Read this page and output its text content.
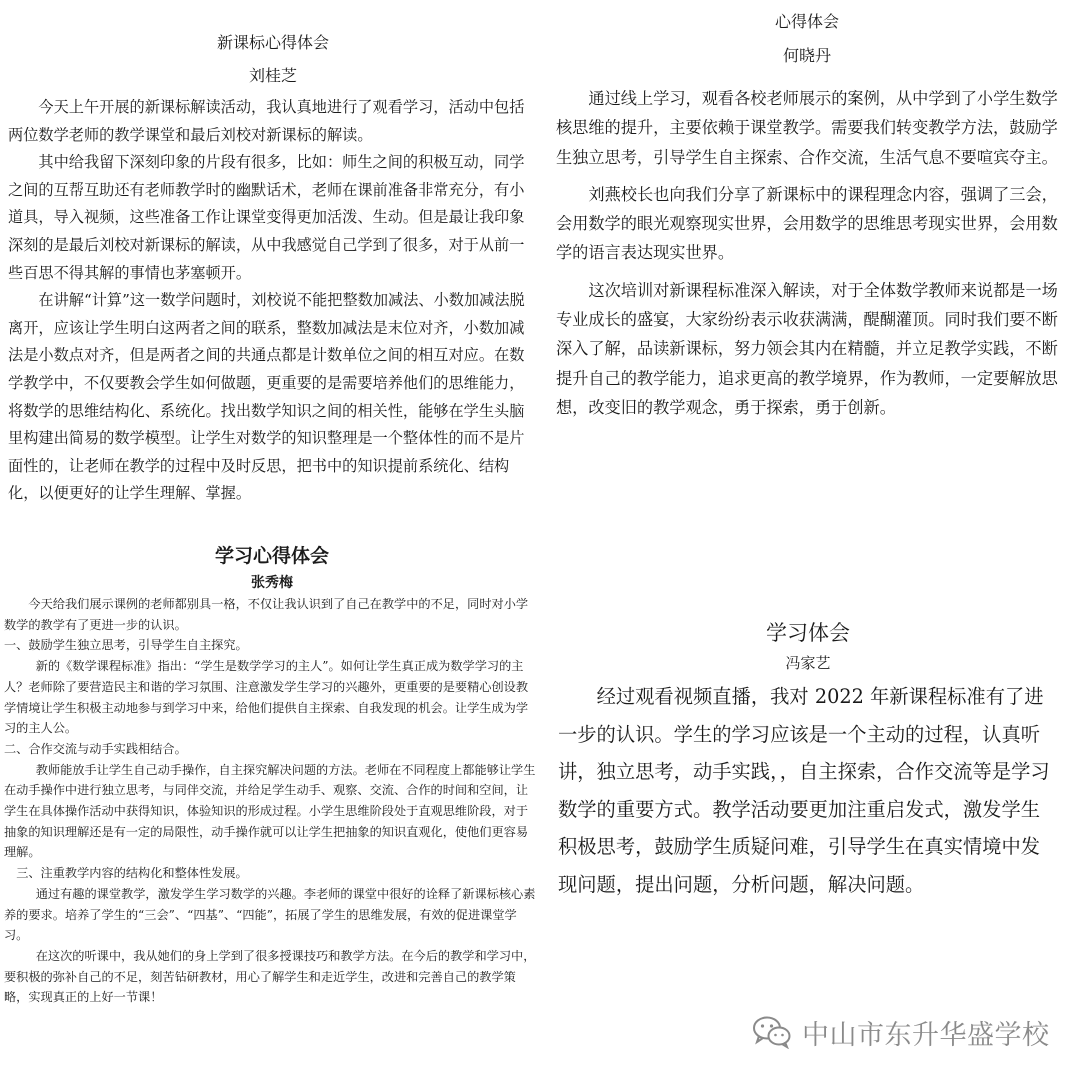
新课标心得体会
刘桂芝

今天上午开展的新课标解读活动，我认真地进行了观看学习，活动中包括两位数学老师的教学课堂和最后刘校对新课标的解读。

其中给我留下深刻印象的片段有很多，比如：师生之间的积极互动，同学之间的互帮互助还有老师教学时的幽默话术，老师在课前准备非常充分，有小道具，导入视频，这些准备工作让课堂变得更加活泼、生动。但是最让我印象深刻的是最后刘校对新课标的解读，从中我感觉自己学到了很多，对于从前一些百思不得其解的事情也茅塞顿开。

在讲解“计算”这一数学问题时，刘校说不能把整数加减法、小数加减法脱离开，应该让学生明白这两者之间的联系，整数加减法是末位对齐，小数加减法是小数点对齐，但是两者之间的共通点都是计数单位之间的相互对应。在数学教学中，不仅要教会学生如何做题，更重要的是需要培养他们的思维能力，将数学的思维结构化、系统化。找出数学知识之间的相关性，能够在学生头脑里构建出简易的数学模型。让学生对数学的知识整理是一个整体性的而不是片面性的，让老师在教学的过程中及时反思，把书中的知识提前系统化、结构化，以便更好的让学生理解、掌握。

心得体会
何晓丹

通过线上学习，观看各校老师展示的案例，从中学到了小学生数学核思维的提升，主要依赖于课堂教学。需要我们转变教学方法，鼓励学生独立思考，引导学生自主探索、合作交流，生活气息不要喧宾夺主。

刘燕校长也向我们分享了新课标中的课程理念内容，强调了三会，会用数学的眼光观察现实世界，会用数学的思维思考现实世界，会用数学的语言表达现实世界。

这次培训对新课程标准深入解读，对于全体数学教师来说都是一场专业成长的盛宴，大家纷纷表示收获满满，醍醐灌顶。同时我们要不断深入了解，品读新课标，努力领会其内在精髓，并立足教学实践，不断提升自己的教学能力，追求更高的教学境界，作为教师，一定要解放思想，改变旧的教学观念，勇于探索，勇于创新。

学习心得体会
张秀梅

今天给我们展示课例的老师都别具一格，不仅让我认识到了自己在教学中的不足，同时对小学数学的教学有了更进一步的认识。

一、鼓励学生独立思考，引导学生自主探究。

新的《数学课程标准》指出：“学生是数学学习的主人”。如何让学生真正成为数学学习的主人？老师除了要营造民主和谐的学习氛围、注意激发学生学习的兴趣外，更重要的是要精心创设教学情境让学生积极主动地参与到学习中来，给他们提供自主探索、自我发现的机会。让学生成为学习的主人公。

二、合作交流与动手实践相结合。

教师能放手让学生自己动手操作，自主探究解决问题的方法。老师在不同程度上都能够让学生在动手操作中进行独立思考，与同伴交流，并给足学生动手、观察、交流、合作的时间和空间，让学生在具体操作活动中获得知识，体验知识的形成过程。小学生思维阶段处于直观思维阶段，对于抽象的知识理解还是有一定的局限性，动手操作就可以让学生把抽象的知识直观化，使他们更容易理解。

三、注重教学内容的结构化和整体性发展。

通过有趣的课堂教学，激发学生学习数学的兴趣。李老师的课堂中很好的诠释了新课标核心素养的要求。培养了学生的“三会”、“四基”、“四能”，拓展了学生的思维发展，有效的促进课堂学习。

在这次的听课中，我从她们的身上学到了很多授课技巧和教学方法。在今后的教学和学习中，要积极的弥补自己的不足，刻苦钻研教材，用心了解学生和走近学生，改进和完善自己的教学策略，实现真正的上好一节课！

学习体会
冯家艺

经过观看视频直播，我对 2022 年新课程标准有了进一步的认识。学生的学习应该是一个主动的过程，认真听讲，独立思考，动手实践，，自主探索，合作交流等是学习数学的重要方式。教学活动要更加注重启发式，激发学生积极思考，鼓励学生质疑问难，引导学生在真实情境中发现问题，提出问题，分析问题，解决问题。

中山市东升华盛学校
